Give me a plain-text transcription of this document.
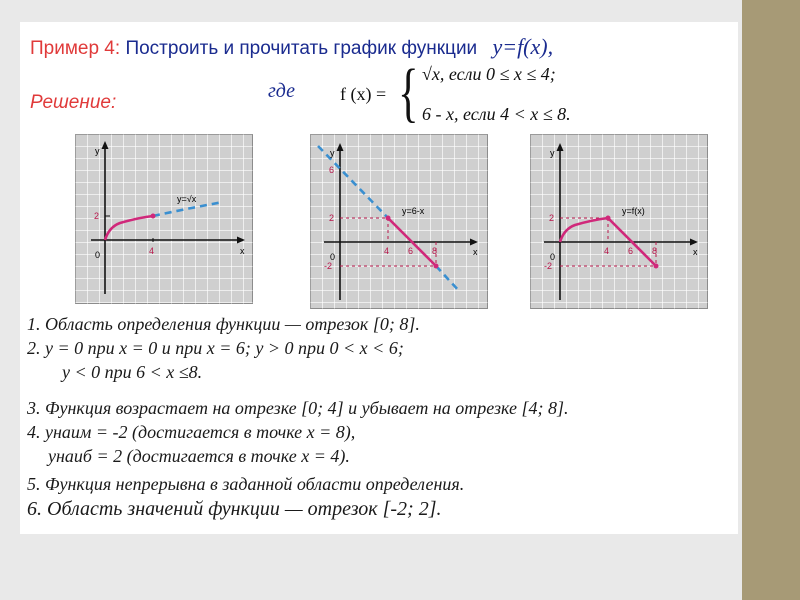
Пример 4: Построить и прочитать график функции y=f(x),
Решение:
где f (x) = { √x, если 0 ≤ x ≤ 4;
6 - x, если 4 < x ≤ 8.
y
x
0
2
4
y=√x
y
x
0
6
2
4 6 8
-2
y=6-x
y
x
0
2
4 6 8
-2
y=f(x)
1. Область определения функции — отрезок [0; 8].
2. y = 0 при x = 0 и при x = 6; y > 0 при 0 < x < 6;
y < 0 при 6 < x ≤8.
3. Функция возрастает на отрезке [0; 4] и убывает на отрезке [4; 8].
4. yнаим = -2 (достигается в точке x = 8),
yнаиб = 2 (достигается в точке x = 4).
5. Функция непрерывна в заданной области определения.
6. Область значений функции — отрезок [-2; 2].
